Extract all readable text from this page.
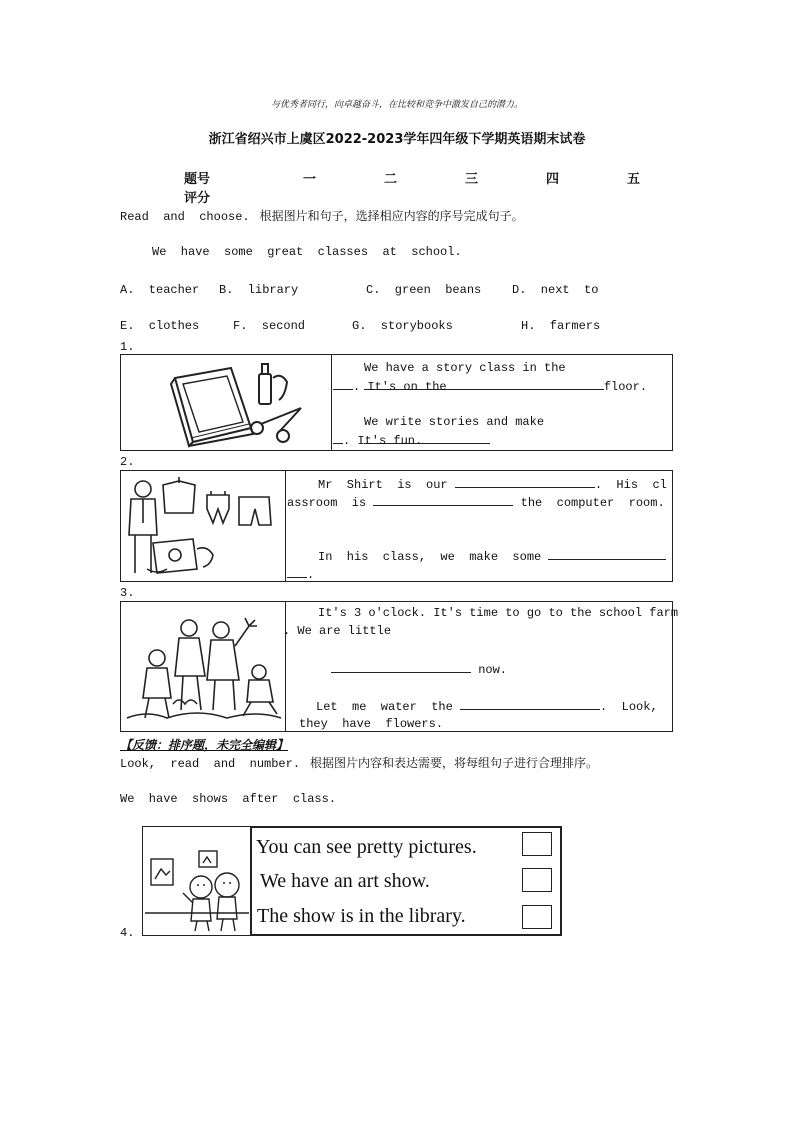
与优秀者同行，向卓越奋斗，在比较和竞争中激发自己的潜力。
浙江省绍兴市上虞区2022-2023学年四年级下学期英语期末试卷
题号
评分
一	二	三	四	五
Read  and  choose. 根据图片和句子，选择相应内容的序号完成句子。
We  have  some  great  classes  at  school.
A.  teacher B.  library	C.  green  beans	D.  next  to
E.  clothes	F.  second	G.  storybooks	H.  farmers
1.
We have a story class in the
. It's on the	floor.
We write stories and make
. It's fun.
2.
Mr  Shirt  is  our	.  His  cl
assroom  is	the  computer  room.
In  his  class,  we  make  some
.
3.
It's 3 o'clock. It's time to go to the school farm
. We are little
now.
Let  me  water  the	.  Look,
they  have  flowers.
【反馈：排序题，未完全编辑】
Look,  read  and  number. 根据图片内容和表达需要，将每组句子进行合理排序。
We  have  shows  after  class.
4.
You can see pretty pictures.
We have an art show.
The show is in the library.
